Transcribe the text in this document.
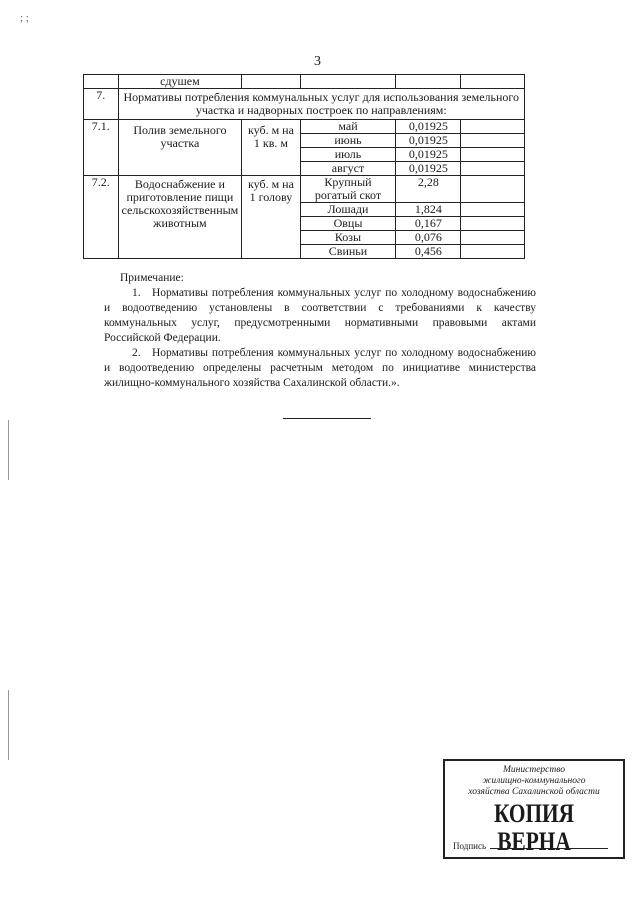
; ;
3
	сдушем				
7.	Нормативы потребления коммунальных услуг для использования земельного участка и надворных построек по направлениям:				
7.1.	Полив земельного участка	куб. м на 1 кв. м	май	0,01925	
			июнь	0,01925	
			июль	0,01925	
			август	0,01925	
7.2.	Водоснабжение и приготовление пищи сельскохозяйственным животным	куб. м на 1 голову	Крупный рогатый скот	2,28	
			Лошади	1,824	
			Овцы	0,167	
			Козы	0,076	
			Свиньи	0,456	

Примечание:

1. Нормативы потребления коммунальных услуг по холодному водоснабжению и водоотведению установлены в соответствии с требованиями к качеству коммунальных услуг, предусмотренными нормативными правовыми актами Российской Федерации.

2. Нормативы потребления коммунальных услуг по холодному водоснабжению и водоотведению определены расчетным методом по инициативе министерства жилищно-коммунального хозяйства Сахалинской области.».

Министерство
жилищно-коммунального
хозяйства Сахалинской области
КОПИЯ ВЕРНА
Подпись
